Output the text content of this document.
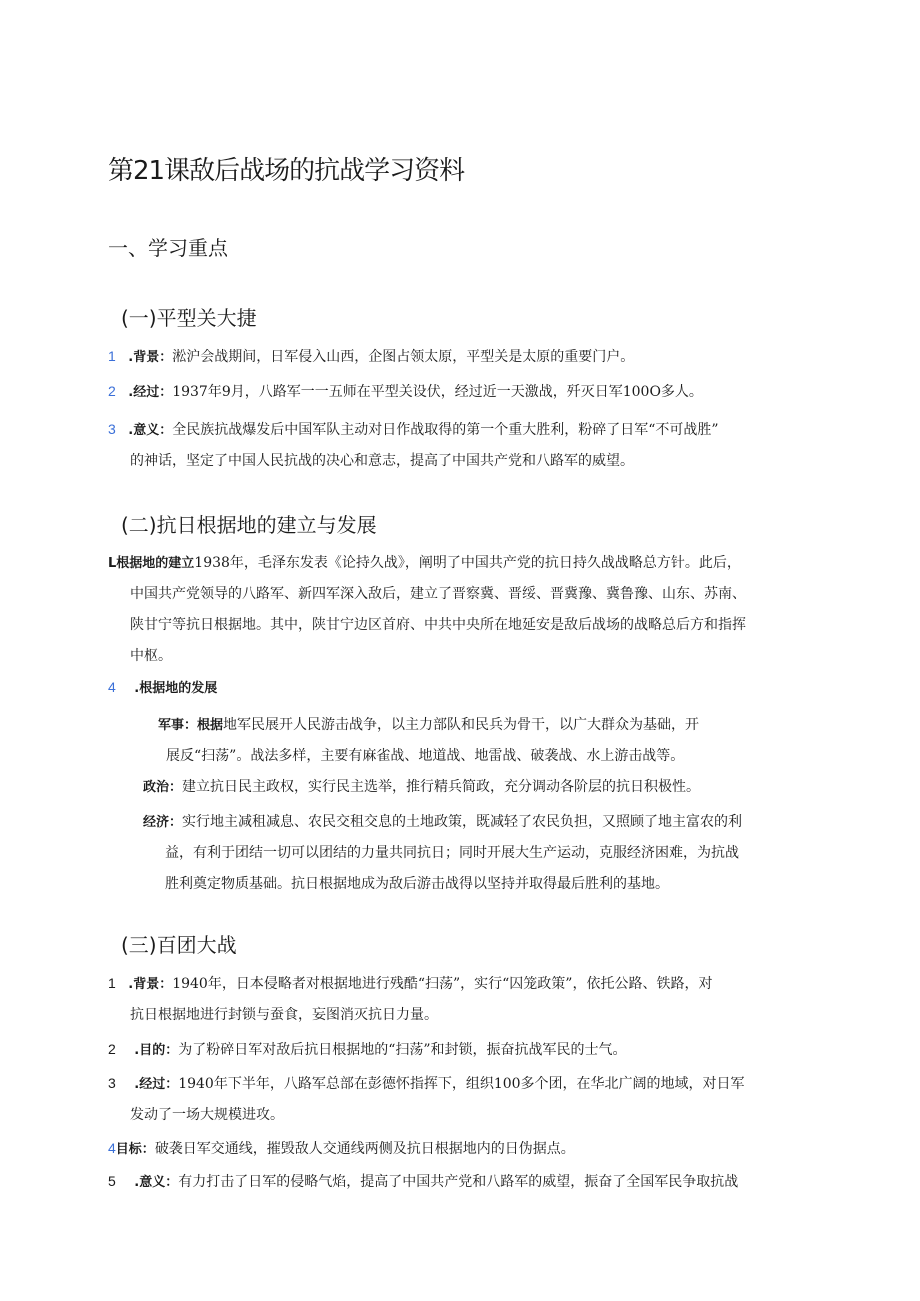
第21课敌后战场的抗战学习资料
一、学习重点
(一)平型关大捷

1 .背景：淞沪会战期间，日军侵入山西，企图占领太原，平型关是太原的重要门户。

2 .经过：1937年9月，八路军一一五师在平型关设伏，经过近一天激战，歼灭日军100O多人。

3 .意义：全民族抗战爆发后中国军队主动对日作战取得的第一个重大胜利，粉碎了日军“不可战胜”
的神话，坚定了中国人民抗战的决心和意志，提高了中国共产党和八路军的威望。

(二)抗日根据地的建立与发展

L根据地的建立1938年，毛泽东发表《论持久战》，阐明了中国共产党的抗日持久战战略总方针。此后，
中国共产党领导的八路军、新四军深入敌后，建立了晋察冀、晋绥、晋冀豫、冀鲁豫、山东、苏南、
陕甘宁等抗日根据地。其中，陕甘宁边区首府、中共中央所在地延安是敌后战场的战略总后方和指挥
中枢。

4 .根据地的发展

军事：根据地军民展开人民游击战争，以主力部队和民兵为骨干，以广大群众为基础，开
展反“扫荡”。战法多样，主要有麻雀战、地道战、地雷战、破袭战、水上游击战等。

政治：建立抗日民主政权，实行民主选举，推行精兵简政，充分调动各阶层的抗日积极性。

经济：实行地主减租减息、农民交租交息的土地政策，既减轻了农民负担，又照顾了地主富农的利
益，有利于团结一切可以团结的力量共同抗日；同时开展大生产运动，克服经济困难，为抗战
胜利奠定物质基础。抗日根据地成为敌后游击战得以坚持并取得最后胜利的基地。

(三)百团大战

1 .背景：1940年，日本侵略者对根据地进行残酷“扫荡”，实行“囚笼政策”，依托公路、铁路，对
抗日根据地进行封锁与蚕食，妄图消灭抗日力量。

2 .目的：为了粉碎日军对敌后抗日根据地的“扫荡”和封锁，振奋抗战军民的士气。

3 .经过：1940年下半年，八路军总部在彭德怀指挥下，组织100多个团，在华北广阔的地域，对日军
发动了一场大规模进攻。

4目标：破袭日军交通线，摧毁敌人交通线两侧及抗日根据地内的日伪据点。

5 .意义：有力打击了日军的侵略气焰，提高了中国共产党和八路军的威望，振奋了全国军民争取抗战
